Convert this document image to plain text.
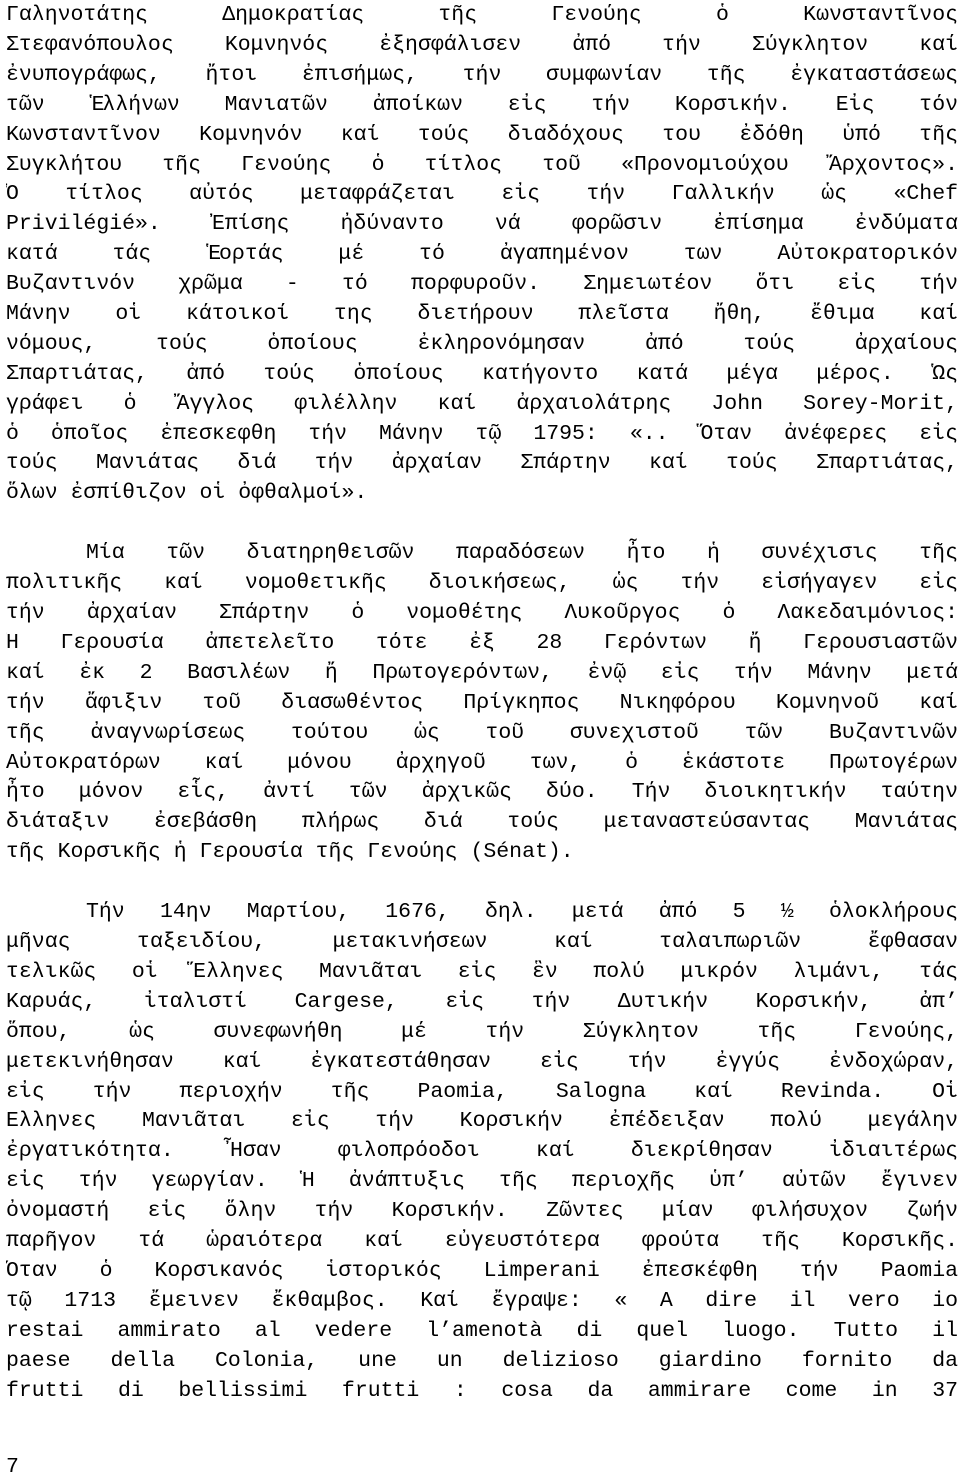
Γαληνοτάτης Δημοκρατίας τῆς Γενούης ὁ Κωνσταντῖνος
Στεφανόπουλος Κομνηνός ἐξησφάλισεν ἀπό τήν Σύγκλητον καί
ἐνυπογράφως, ἤτοι ἐπισήμως, τήν συμφωνίαν τῆς ἐγκαταστάσεως
τῶν Ἑλλήνων Μανιατῶν ἀποίκων εἰς τήν Κορσικήν. Εἰς τόν
Κωνσταντῖνον Κομνηνόν καί τούς διαδόχους του ἐδόθη ὑπό τῆς
Συγκλήτου τῆς Γενούης ὁ τίτλος τοῦ «Προνομιούχου Ἄρχοντος».
Ὁ τίτλος αὐτός μεταφράζεται εἰς τήν Γαλλικήν ὡς «Chef
Privilégié». Ἐπίσης ἠδύναντο νά φορῶσιν ἐπίσημα ἐνδύματα
κατά τάς Ἑορτάς μέ τό ἀγαπημένον των Αὐτοκρατορικόν
Βυζαντινόν χρῶμα - τό πορφυροῦν. Σημειωτέον ὅτι εἰς τήν
Μάνην οἱ κάτοικοί της διετήρουν πλεῖστα ἤθη, ἔθιμα καί
νόμους, τούς ὁποίους ἐκληρονόμησαν ἀπό τούς ἀρχαίους
Σπαρτιάτας, ἀπό τούς ὁποίους κατήγοντο κατά μέγα μέρος. Ὡς
γράφει ὁ Ἄγγλος φιλέλλην καί ἀρχαιολάτρης John Sorey-Morit,
ὁ ὁποῖος ἐπεσκεφθη τήν Μάνην τῷ 1795: «.. Ὅταν ἀνέφερες εἰς
τούς Μανιάτας διά τήν ἀρχαίαν Σπάρτην καί τούς Σπαρτιάτας,
ὅλων ἐσπίθιζον οἱ ὀφθαλμοί».
Μία τῶν διατηρηθεισῶν παραδόσεων ἦτο ἡ συνέχισις τῆς
πολιτικῆς καί νομοθετικῆς διοικήσεως, ὡς τήν εἰσήγαγεν εἰς
τήν ἀρχαίαν Σπάρτην ὁ νομοθέτης Λυκοῦργος ὁ Λακεδαιμόνιος:
Ἡ Γερουσία ἀπετελεῖτο τότε ἐξ 28 Γερόντων ἤ Γερουσιαστῶν
καί ἐκ 2 Βασιλέων ἤ Πρωτογερόντων, ἐνῷ εἰς τήν Μάνην μετά
τήν ἄφιξιν τοῦ διασωθέντος Πρίγκηπος Νικηφόρου Κομνηνοῦ καί
τῆς ἀναγνωρίσεως τούτου ὡς τοῦ συνεχιστοῦ τῶν Βυζαντινῶν
Αὐτοκρατόρων καί μόνου ἀρχηγοῦ των, ὁ ἑκάστοτε Πρωτογέρων
ἦτο μόνον εἷς, ἀντί τῶν ἀρχικῶς δύο. Τήν διοικητικήν ταύτην
διάταξιν ἐσεβάσθη πλήρως διά τούς μεταναστεύσαντας Μανιάτας
τῆς Κορσικῆς ἡ Γερουσία τῆς Γενούης (Sénat).
Τήν 14ην Μαρτίου, 1676, δηλ. μετά ἀπό 5 ½ ὁλοκλήρους
μῆνας ταξειδίου, μετακινήσεων καί ταλαιπωριῶν ἔφθασαν
τελικῶς οἱ Ἕλληνες Μανιᾶται εἰς ἓν πολύ μικρόν λιμάνι, τάς
Καρυάς, ἰταλιστί Cargese, εἰς τήν Δυτικήν Κορσικήν, ἀπ’
ὅπου, ὡς συνεφωνήθη μέ τήν Σύγκλητον τῆς Γενούης,
μετεκινήθησαν καί ἐγκατεστάθησαν εἰς τήν ἐγγύς ἐνδοχώραν,
εἰς τήν περιοχήν τῆς Paomia, Salogna καί Revinda. Οἱ
Ἕλληνες Μανιᾶται εἰς τήν Κορσικήν ἐπέδειξαν πολύ μεγάλην
ἐργατικότητα. Ἦσαν φιλοπρόοδοι καί διεκρίθησαν ἰδιαιτέρως
εἰς τήν γεωργίαν. Ἡ ἀνάπτυξις τῆς περιοχῆς ὑπ’ αὐτῶν ἔγινεν
ὀνομαστή εἰς ὅλην τήν Κορσικήν. Ζῶντες μίαν φιλήσυχον ζωήν
παρῆγον τά ὡραιότερα καί εὐγευστότερα φρούτα τῆς Κορσικῆς.
Ὅταν ὁ Κορσικανός ἱστορικός Limperani ἐπεσκέφθη τήν Paomia
τῷ 1713 ἔμεινεν ἔκθαμβος. Καί ἔγραψε: « A dire il vero io
restai ammirato al vedere l’amenotà di quel luogo. Tutto il
paese della Colonia, une un delizioso giardino fornito da
frutti di bellissimi frutti : cosa da ammirare come in 37
7
